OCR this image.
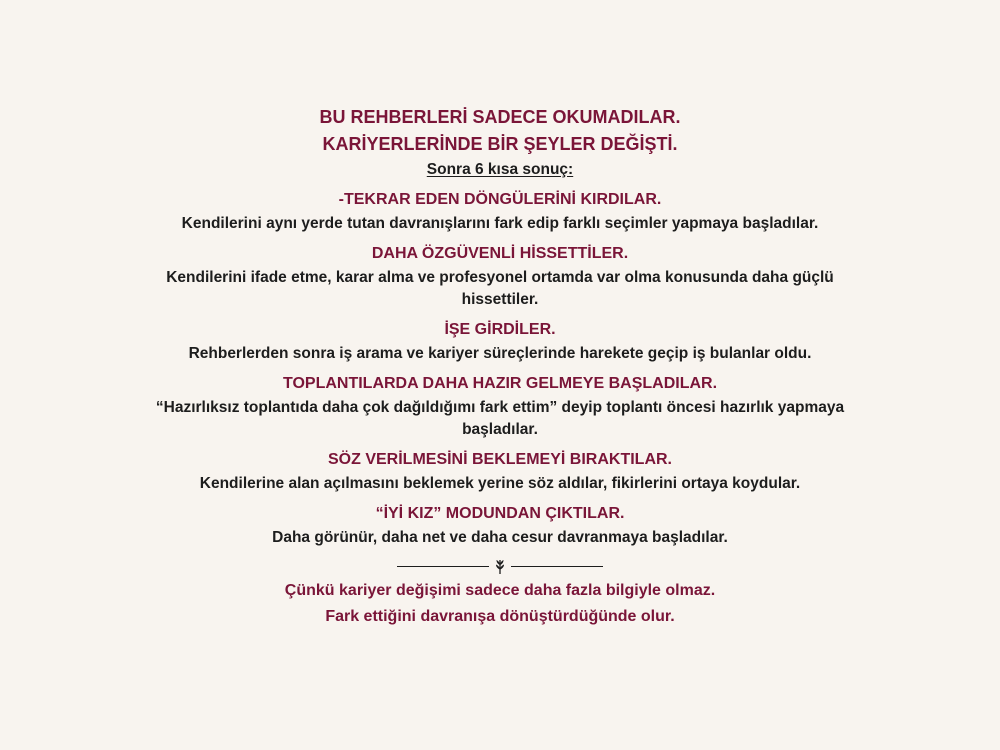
BU REHBERLERİ SADECE OKUMADILAR.

KARİYERLERİNDE BİR ŞEYLER DEĞİŞTİ.

Sonra 6 kısa sonuç:

-TEKRAR EDEN DÖNGÜLERİNİ KIRDILAR.

Kendilerini aynı yerde tutan davranışlarını fark edip farklı seçimler yapmaya başladılar.

DAHA ÖZGÜVENLİ HİSSETTİLER.

Kendilerini ifade etme, karar alma ve profesyonel ortamda var olma konusunda daha güçlü hissettiler.

İŞE GİRDİLER.

Rehberlerden sonra iş arama ve kariyer süreçlerinde harekete geçip iş bulanlar oldu.

TOPLANTILARDA DAHA HAZIR GELMEYE BAŞLADILAR.

“Hazırlıksız toplantıda daha çok dağıldığımı fark ettim” deyip toplantı öncesi hazırlık yapmaya başladılar.

SÖZ VERİLMESİNİ BEKLEMEYİ BIRAKTILAR.

Kendilerine alan açılmasını beklemek yerine söz aldılar, fikirlerini ortaya koydular.

“İYİ KIZ” MODUNDAN ÇIKTILAR.

Daha görünür, daha net ve daha cesur davranmaya başladılar.

Çünkü kariyer değişimi sadece daha fazla bilgiyle olmaz.

Fark ettiğini davranışa dönüştürdüğünde olur.
